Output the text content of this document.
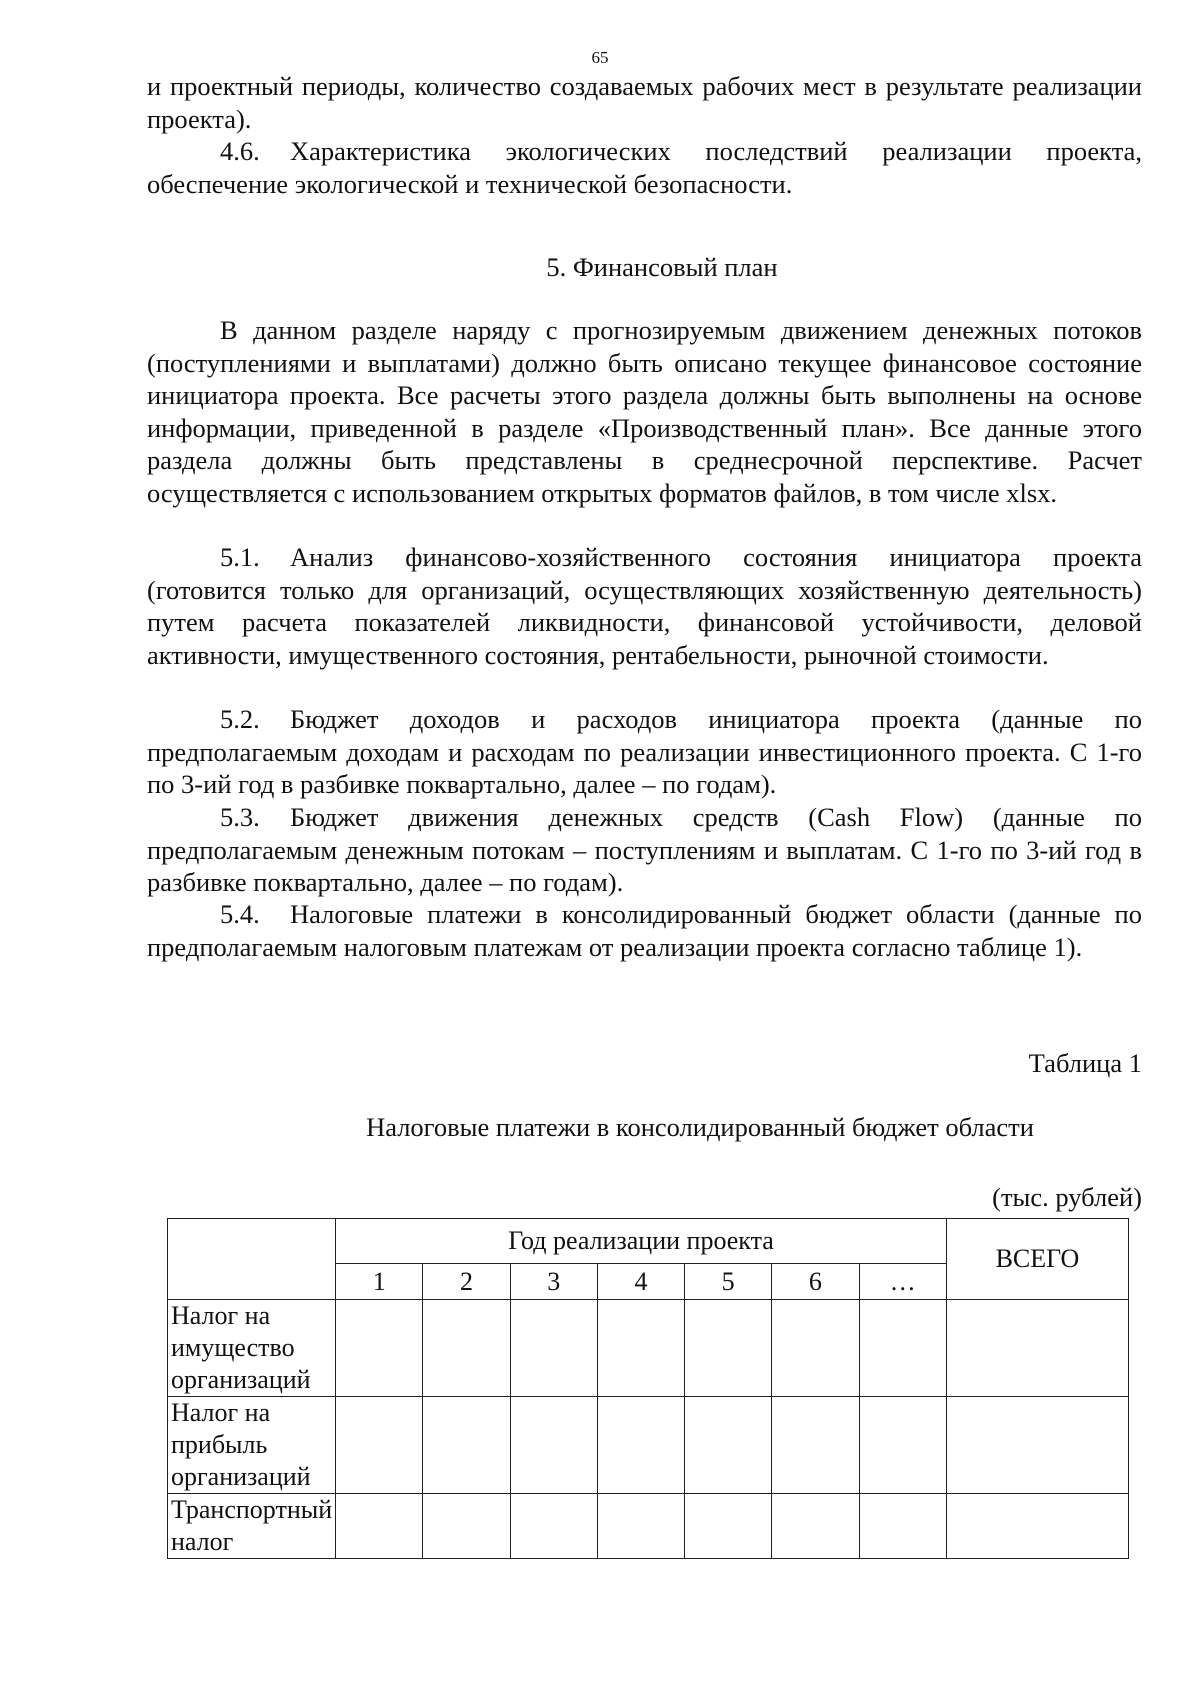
65

и проектный периоды, количество создаваемых рабочих мест в результате реализации проекта).

4.6. Характеристика экологических последствий реализации проекта, обеспечение экологической и технической безопасности.

5. Финансовый план

В данном разделе наряду с прогнозируемым движением денежных потоков (поступлениями и выплатами) должно быть описано текущее финансовое состояние инициатора проекта. Все расчеты этого раздела должны быть выполнены на основе информации, приведенной в разделе «Производственный план». Все данные этого раздела должны быть представлены в среднесрочной перспективе. Расчет осуществляется с использованием открытых форматов файлов, в том числе xlsx.

5.1. Анализ финансово-хозяйственного состояния инициатора проекта (готовится только для организаций, осуществляющих хозяйственную деятельность) путем расчета показателей ликвидности, финансовой устойчивости, деловой активности, имущественного состояния, рентабельности, рыночной стоимости.

5.2. Бюджет доходов и расходов инициатора проекта (данные по предполагаемым доходам и расходам по реализации инвестиционного проекта. С 1-го по 3-ий год в разбивке поквартально, далее – по годам).

5.3. Бюджет движения денежных средств (Cash Flow) (данные по предполагаемым денежным потокам – поступлениям и выплатам. С 1-го по 3-ий год в разбивке поквартально, далее – по годам).

5.4. Налоговые платежи в консолидированный бюджет области (данные по предполагаемым налоговым платежам от реализации проекта согласно таблице 1).

Таблица 1
Налоговые платежи в консолидированный бюджет области
(тыс. рублей)
	Год реализации проекта							ВСЕГО
	1	2	3	4	5	6	…	
Налог на имущество организаций								
Налог на прибыль организаций								
Транспортный налог								
